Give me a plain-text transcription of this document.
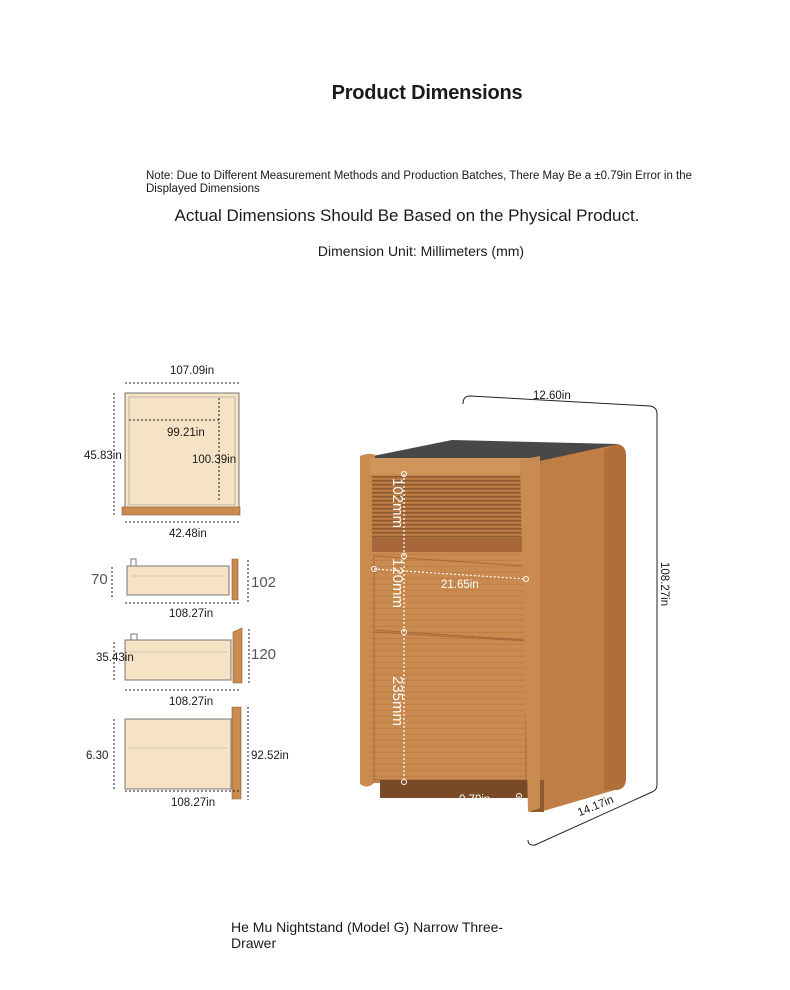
Product Dimensions
Note: Due to Different Measurement Methods and Production Batches, There May Be a ±0.79in Error in the Displayed Dimensions
Actual Dimensions Should Be Based on the Physical Product.
Dimension Unit: Millimeters (mm)
107.09in
99.21in
45.83in	100.39in
42.48in
70	102
108.27in
35.43in	120
108.27in
6.30	92.52in
108.27in
12.60in
108.27in
102mm
120mm
235mm
21.65in
0.79in	14.17in
He Mu Nightstand (Model G) Narrow Three-Drawer
